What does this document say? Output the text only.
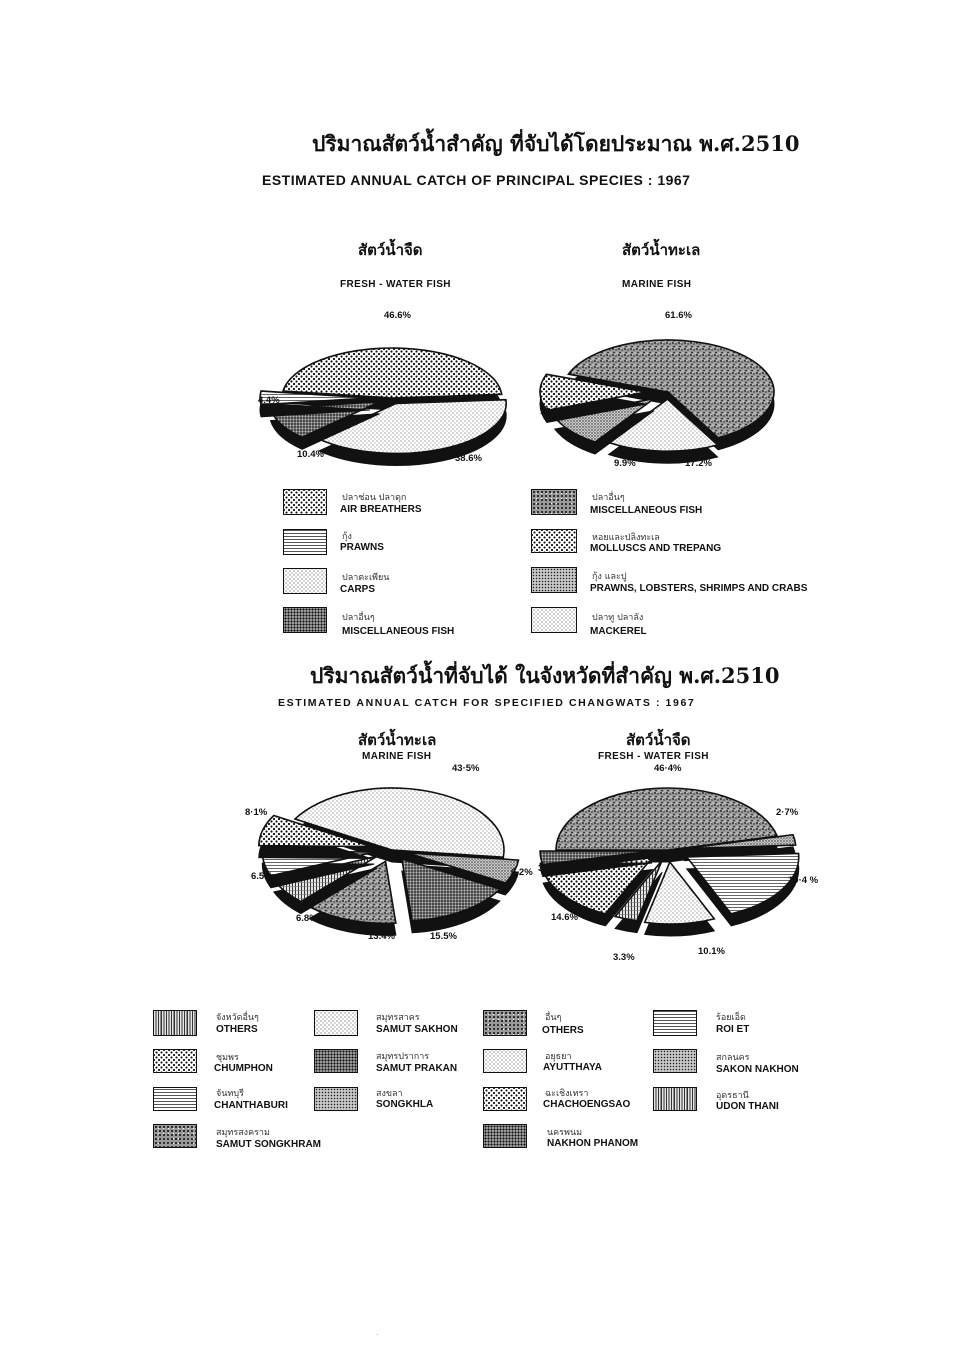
ปริมาณสัตว์น้ำสำคัญ ที่จับได้โดยประมาณ พ.ศ.2510
ESTIMATED ANNUAL CATCH OF PRINCIPAL SPECIES : 1967
สัตว์น้ำจืด
FRESH - WATER FISH
สัตว์น้ำทะเล
MARINE FISH
ปริมาณสัตว์น้ำที่จับได้ ในจังหวัดที่สำคัญ พ.ศ.2510
ESTIMATED ANNUAL CATCH FOR SPECIFIED CHANGWATS : 1967
สัตว์น้ำทะเล
MARINE FISH
สัตว์น้ำจืด
FRESH - WATER FISH
46.6%
38.6%
10.4%
4.4%
61.6%
17.2%
9.9%
11.3%
43·5%
6.2%
15.5%
13.4%
6.8%
6.5%
8·1%
46·4%
2·7%
19·4 %
10.1%
3.3%
14.6%
3·5%
ปลาช่อน ปลาดุก
AIR BREATHERS
กุ้ง
PRAWNS
ปลาตะเพียน
CARPS
ปลาอื่นๆ
MISCELLANEOUS FISH
ปลาอื่นๆ
MISCELLANEOUS FISH
หอยและปลิงทะเล
MOLLUSCS AND TREPANG
กุ้ง และปู
PRAWNS, LOBSTERS, SHRIMPS AND CRABS
ปลาทู ปลาลัง
MACKEREL
จังหวัดอื่นๆ
OTHERS
ชุมพร
CHUMPHON
จันทบุรี
CHANTHABURI
สมุทรสงคราม
SAMUT SONGKHRAM
สมุทรสาคร
SAMUT SAKHON
สมุทรปราการ
SAMUT PRAKAN
สงขลา
SONGKHLA
อื่นๆ
OTHERS
อยุธยา
AYUTTHAYA
ฉะเชิงเทรา
CHACHOENGSAO
นครพนม
NAKHON PHANOM
ร้อยเอ็ด
ROI ET
สกลนคร
SAKON NAKHON
อุดรธานี
UDON THANI
·
